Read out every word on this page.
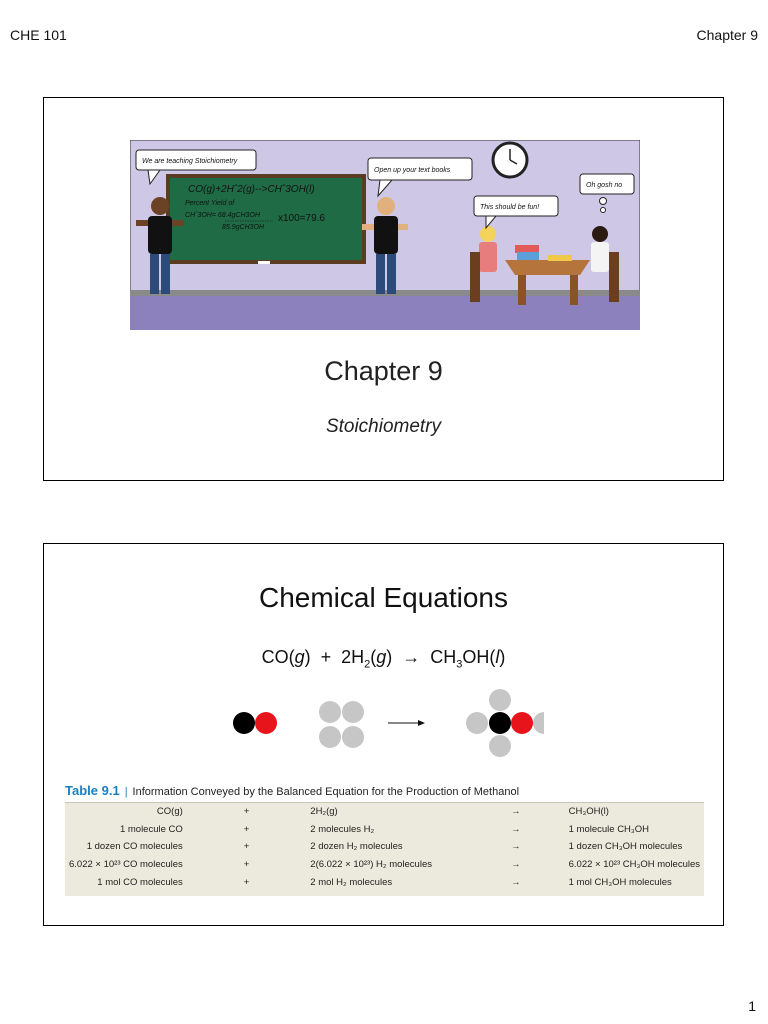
CHE 101	Chapter 9
CO(g)+2Hˆ2(g)-->CHˆ3OH(l)
Percent Yield of
CHˆ3OH= 68.4gCH3OH
85.9gCH3OH
x100=79.6
We are teaching Stoichiometry
Open up your text books
This should be fun!
Oh gosh no
Chapter 9
Stoichiometry
Chemical Equations
$CO(g) + 2H_2(g) \to CH_3OH(l)$
Table 9.1 | Information Conveyed by the Balanced Equation for the Production of Methanol
CO(g)	+	2H₂(g)	→	CH₃OH(l)
1 molecule CO	+	2 molecules H₂	→	1 molecule CH₃OH
1 dozen CO molecules	+	2 dozen H₂ molecules	→	1 dozen CH₃OH molecules
6.022 × 10²³ CO molecules	+	2(6.022 × 10²³) H₂ molecules	→	6.022 × 10²³ CH₃OH molecules
1 mol CO molecules	+	2 mol H₂ molecules	→	1 mol CH₃OH molecules
1
